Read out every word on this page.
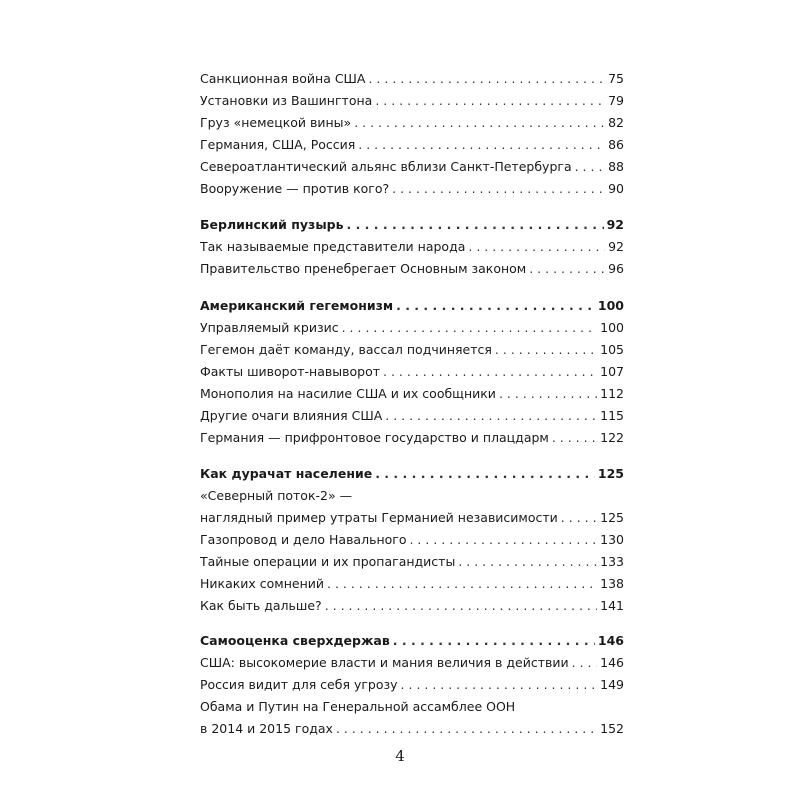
Санкционная война США . . .	75
Установки из Вашингтона . . .	79
Груз «немецкой вины» . . .	82
Германия, США, Россия . . .	86
Североатлантический альянс вблизи Санкт-Петербурга . . .	88
Вооружение — против кого? . . .	90
Берлинский пузырь . . .	92
Так называемые представители народа . . .	92
Правительство пренебрегает Основным законом . . .	96
Американский гегемонизм . . .	100
Управляемый кризис . . .	100
Гегемон даёт команду, вассал подчиняется . . .	105
Факты шиворот-навыворот . . .	107
Монополия на насилие США и их сообщники . . .	112
Другие очаги влияния США . . .	115
Германия — прифронтовое государство и плацдарм . . .	122
Как дурачат население . . .	125
«Северный поток-2» —
наглядный пример утраты Германией независимости . . .	125
Газопровод и дело Навального . . .	130
Тайные операции и их пропагандисты . . .	133
Никаких сомнений . . .	138
Как быть дальше? . . .	141
Самооценка сверхдержав . . .	146
США: высокомерие власти и мания величия в действии . . .	146
Россия видит для себя угрозу . . .	149
Обама и Путин на Генеральной ассамблее ООН
в 2014 и 2015 годах . . .	152
4
